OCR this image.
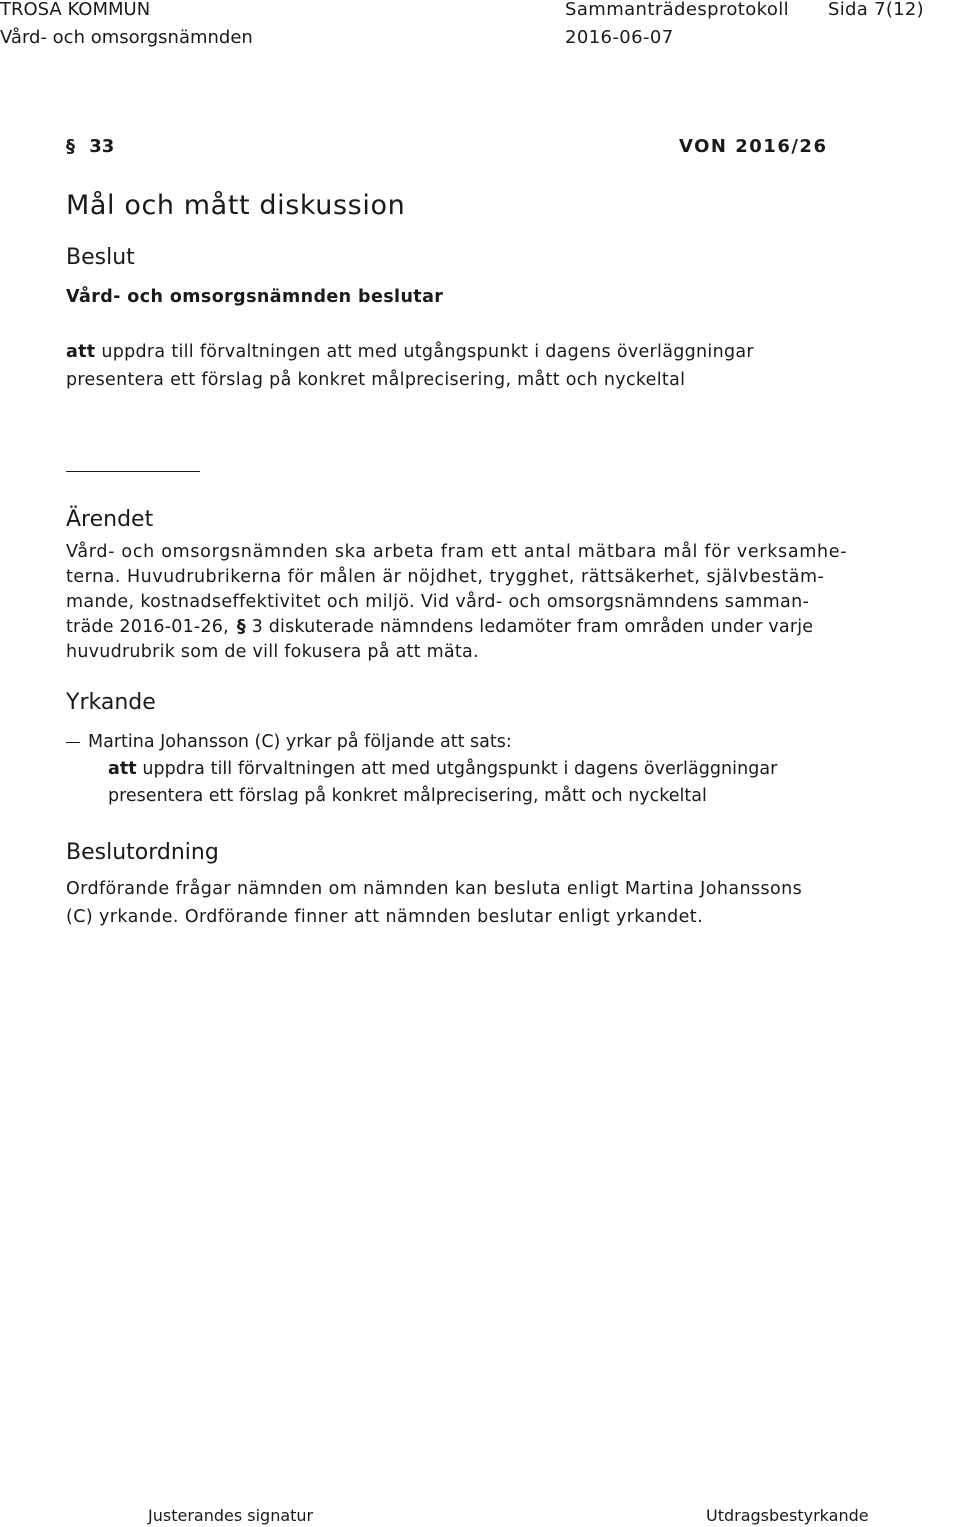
TROSA KOMMUN
Vård- och omsorgsnämnden
Sammanträdesprotokoll
2016-06-07
Sida 7(12)
§ 33	VON 2016/26
Mål och mått diskussion
Beslut
Vård- och omsorgsnämnden beslutar
att uppdra till förvaltningen att med utgångspunkt i dagens överläggningar
presentera ett förslag på konkret målprecisering, mått och nyckeltal
Ärendet
Vård- och omsorgsnämnden ska arbeta fram ett antal mätbara mål för verksamhe-
terna. Huvudrubrikerna för målen är nöjdhet, trygghet, rättsäkerhet, självbestäm-
mande, kostnadseffektivitet och miljö. Vid vård- och omsorgsnämndens samman-
träde 2016-01-26, § 3 diskuterade nämndens ledamöter fram områden under varje
huvudrubrik som de vill fokusera på att mäta.
Yrkande
Martina Johansson (C) yrkar på följande att sats:
att uppdra till förvaltningen att med utgångspunkt i dagens överläggningar
presentera ett förslag på konkret målprecisering, mått och nyckeltal
Beslutordning
Ordförande frågar nämnden om nämnden kan besluta enligt Martina Johanssons
(C) yrkande. Ordförande finner att nämnden beslutar enligt yrkandet.
Justerandes signatur	Utdragsbestyrkande
